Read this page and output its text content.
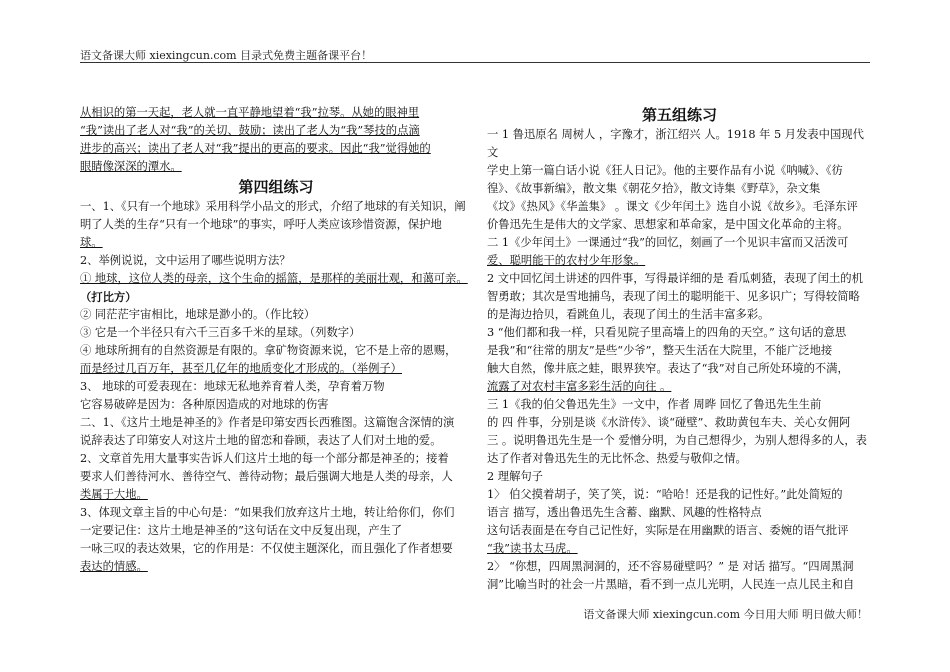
语文备课大师 xiexingcun.com 目录式免费主题备课平台！

从相识的第一天起，老人就一直平静地望着“我”拉琴。从她的眼神里

“我”读出了老人对“我”的关切、鼓励；读出了老人为“我”琴技的点滴

进步的高兴；读出了老人对“我”提出的更高的要求。因此“我”觉得她的

眼睛像深深的潭水。

第四组练习

一、1、《只有一个地球》采用科学小品文的形式，介绍了地球的有关知识，阐

明了人类的生存“只有一个地球”的事实，呼吁人类应该珍惜资源，保护地

球。

2、举例说说，文中运用了哪些说明方法？

① 地球，这位人类的母亲，这个生命的摇篮，是那样的美丽壮观，和蔼可亲。

（打比方）

② 同茫茫宇宙相比，地球是渺小的。（作比较）

③ 它是一个半径只有六千三百多千米的星球。（列数字）

④ 地球所拥有的自然资源是有限的。拿矿物资源来说，它不是上帝的恩赐，

而是经过几百万年，甚至几亿年的地质变化才形成的。（举例子）

3、 地球的可爱表现在：地球无私地养育着人类，孕育着万物

它容易破碎是因为：各种原因造成的对地球的伤害

二、1、《这片土地是神圣的》作者是印第安西长西雅图。这篇饱含深情的演

说辞表达了印第安人对这片土地的留恋和眷顾，表达了人们对土地的爱。

2、文章首先用大量事实告诉人们这片土地的每一个部分都是神圣的；接着

要求人们善待河水、善待空气、善待动物；最后强调大地是人类的母亲，人

类属于大地。

3、体现文章主旨的中心句是：“如果我们放弃这片土地，转让给你们，你们

一定要记住：这片土地是神圣的”这句话在文中反复出现，产生了

一咏三叹的表达效果，它的作用是：不仅使主题深化，而且强化了作者想要

表达的情感。

第五组练习

一 1 鲁迅原名 周树人 ，字豫才，浙江绍兴 人。1918 年 5 月发表中国现代文

学史上第一篇白话小说《狂人日记》。他的主要作品有小说《呐喊》、《彷

徨》、《故事新编》，散文集《朝花夕拾》，散文诗集《野草》，杂文集

《坟》《热风》《华盖集》 。课文《少年闰土》选自小说《故乡》。毛泽东评

价鲁迅先生是伟大的文学家、思想家和革命家，是中国文化革命的主将。

二 1《少年闰土》一课通过“我”的回忆，刻画了一个见识丰富而又活泼可

爱、聪明能干的农村少年形象。

2 文中回忆闰土讲述的四件事，写得最详细的是 看瓜刺猹，表现了闰土的机

智勇敢；其次是雪地捕鸟，表现了闰土的聪明能干、见多识广；写得较简略

的是海边拾贝，看跳鱼儿，表现了闰土的生活丰富多彩。

3 “他们都和我一样，只看见院子里高墙上的四角的天空。” 这句话的意思

是我”和“往常的朋友”是些“少爷”，整天生活在大院里，不能广泛地接

触大自然，像井底之蛙，眼界狭窄。表达了“我”对自己所处环境的不满，

流露了对农村丰富多彩生活的向往 。

三 1《我的伯父鲁迅先生》一文中，作者 周晔 回忆了鲁迅先生生前

的 四 件事，分别是谈《水浒传》、谈“碰壁”、救助黄包车夫、关心女佣阿

三 。说明鲁迅先生是一个 爱憎分明，为自己想得少，为别人想得多的人，表

达了作者对鲁迅先生的无比怀念、热爱与敬仰之情。

2 理解句子

1〉 伯父摸着胡子，笑了笑，说：“哈哈！还是我的记性好。”此处简短的

语言 描写，透出鲁迅先生含蓄、幽默、风趣的性格特点

这句话表面是在夸自己记性好，实际是在用幽默的语言、委婉的语气批评

“我”读书太马虎。

2〉 “你想，四周黑洞洞的，还不容易碰壁吗？” 是 对话 描写。“四周黑洞

洞”比喻当时的社会一片黑暗，看不到一点儿光明，人民连一点儿民主和自

语文备课大师 xiexingcun.com 今日用大师 明日做大师！
